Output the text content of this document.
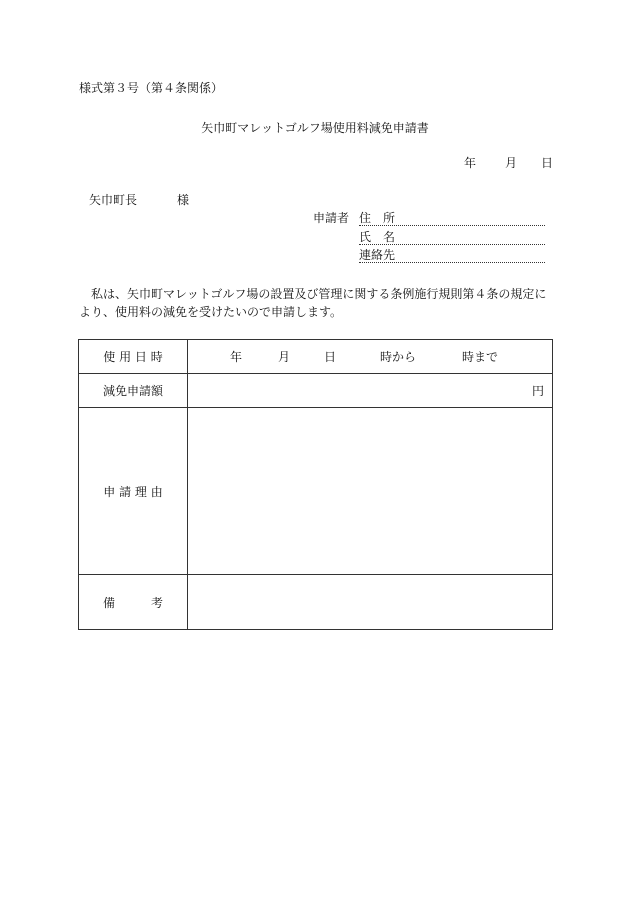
様式第３号（第４条関係）
矢巾町マレットゴルフ場使用料減免申請書
年 月 日
矢巾町長	様
申請者 住　所
氏　名
連絡先
　私は、矢巾町マレットゴルフ場の設置及び管理に関する条例施行規則第４条の規定により、使用料の減免を受けたいので申請します。
使 用 日 時	年 月 日 時から 時まで

減免申請額	円
申 請 理 由	
備　　　考	
